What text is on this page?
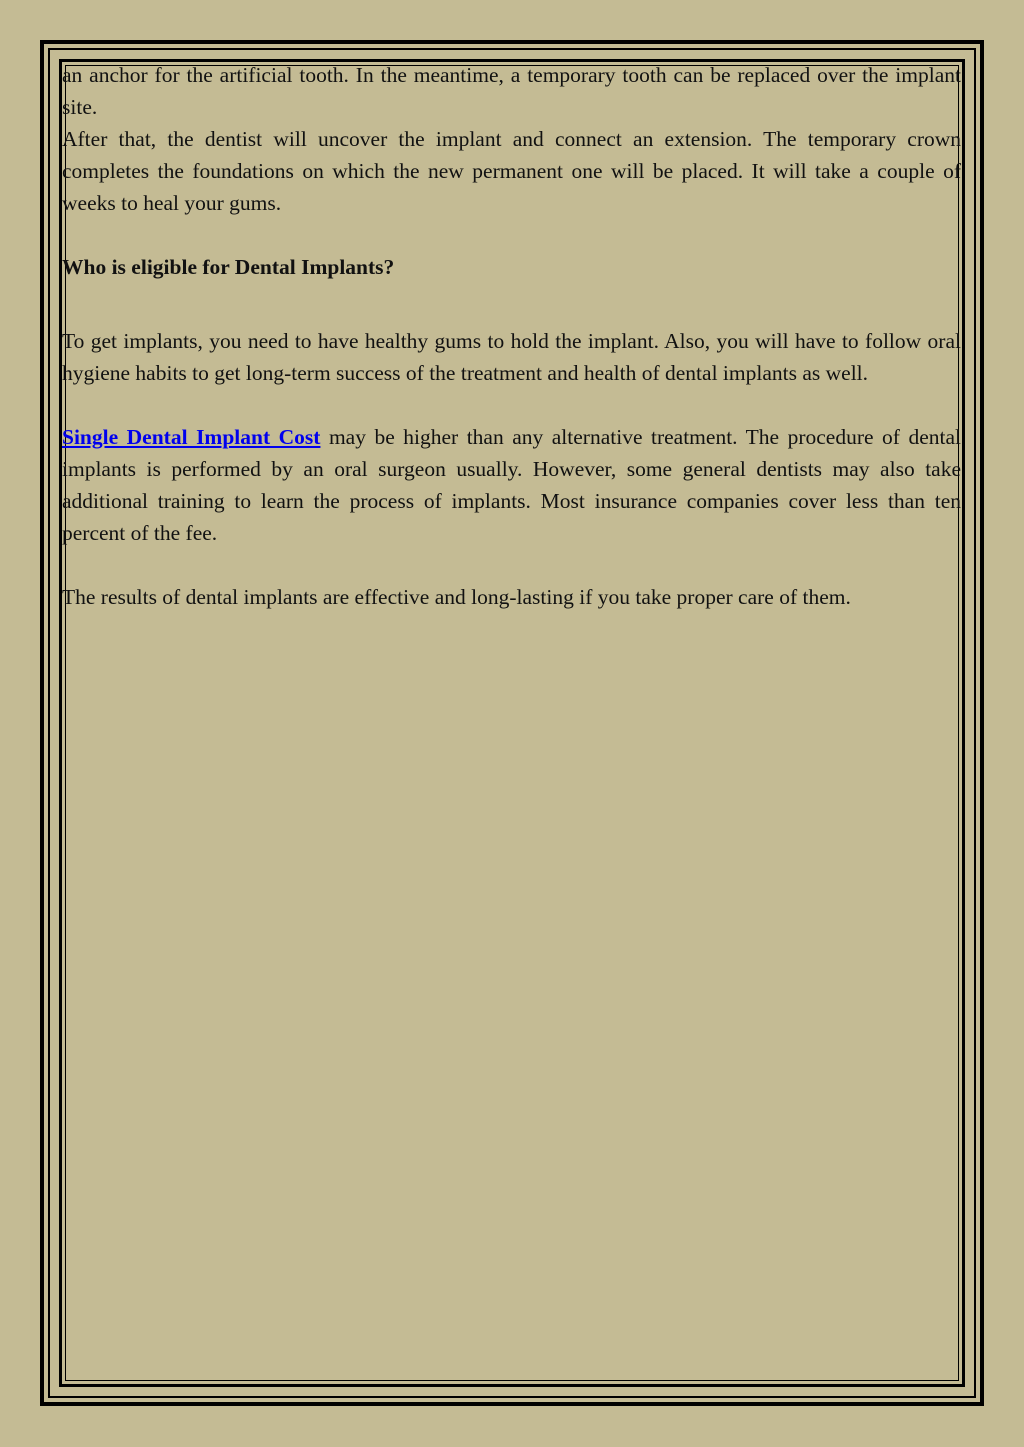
an anchor for the artificial tooth. In the meantime, a temporary tooth can be replaced over the implant site.

After that, the dentist will uncover the implant and connect an extension. The temporary crown completes the foundations on which the new permanent one will be placed. It will take a couple of weeks to heal your gums.

Who is eligible for Dental Implants?

To get implants, you need to have healthy gums to hold the implant. Also, you will have to follow oral hygiene habits to get long-term success of the treatment and health of dental implants as well.

Single Dental Implant Cost may be higher than any alternative treatment. The procedure of dental implants is performed by an oral surgeon usually. However, some general dentists may also take additional training to learn the process of implants. Most insurance companies cover less than ten percent of the fee.

The results of dental implants are effective and long-lasting if you take proper care of them.
